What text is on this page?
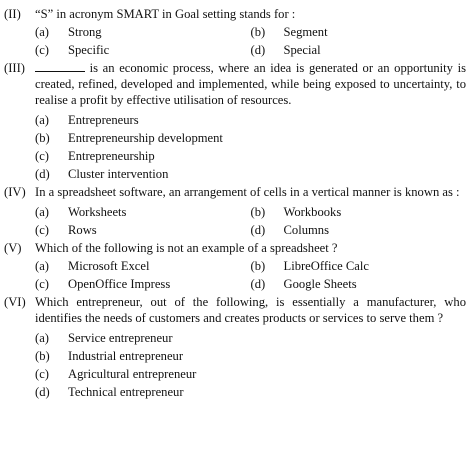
(II)	“S” in acronym SMART in Goal setting stands for :
(a)	Strong	(b)	Segment
(c)	Specific	(d)	Special
(III)	is an economic process, where an idea is generated or an opportunity is created, refined, developed and implemented, while being exposed to uncertainty, to realise a profit by effective utilisation of resources.
(a)	Entrepreneurs
(b)	Entrepreneurship development
(c)	Entrepreneurship
(d)	Cluster intervention
(IV) In a spreadsheet software, an arrangement of cells in a vertical manner is known as :
(a)	Worksheets	(b)	Workbooks
(c)	Rows	(d)	Columns
(V)	Which of the following is not an example of a spreadsheet ?
(a)	Microsoft Excel	(b)	LibreOffice Calc
(c)	OpenOffice Impress	(d)	Google Sheets
(VI) Which entrepreneur, out of the following, is essentially a manufacturer, who identifies the needs of customers and creates products or services to serve them ?
(a)	Service entrepreneur
(b)	Industrial entrepreneur
(c)	Agricultural entrepreneur
(d)	Technical entrepreneur
